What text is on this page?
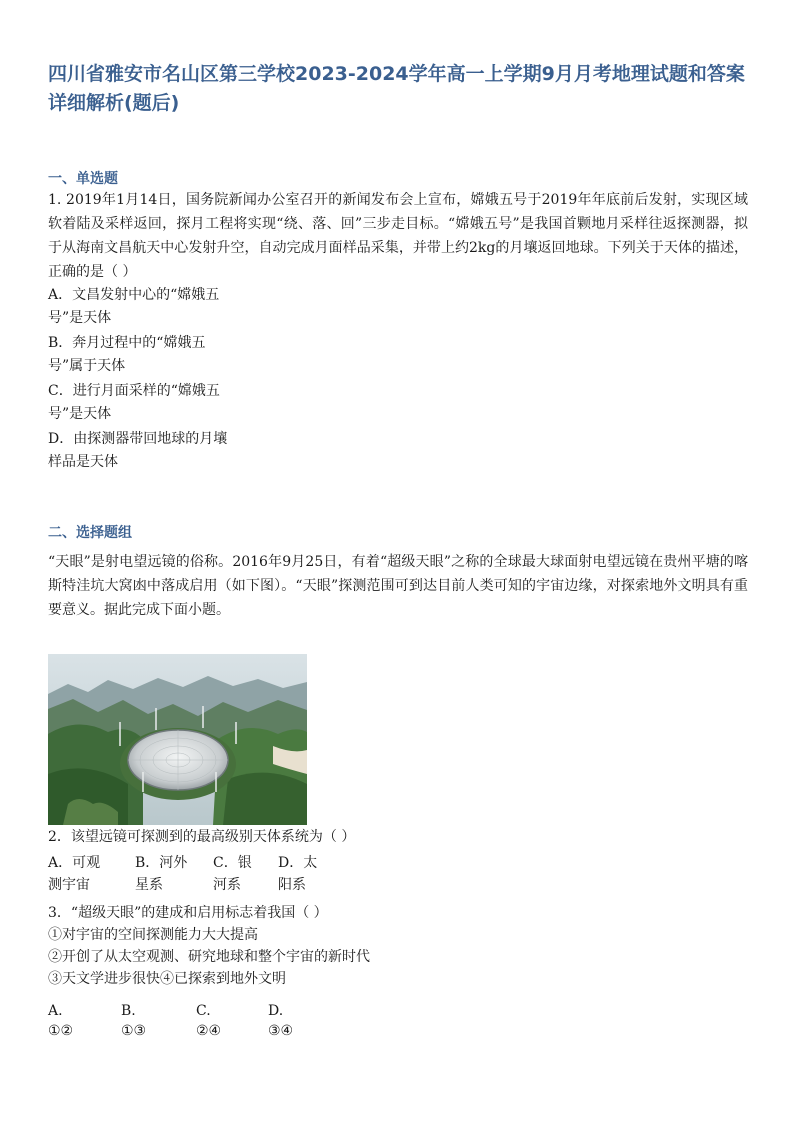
四川省雅安市名山区第三学校2023-2024学年高一上学期9月月考地理试题和答案详细解析(题后)
一、单选题

1. 2019年1月14日，国务院新闻办公室召开的新闻发布会上宣布，嫦娥五号于2019年年底前后发射，实现区域软着陆及采样返回，探月工程将实现“绕、落、回”三步走目标。“嫦娥五号”是我国首颗地月采样往返探测器，拟于从海南文昌航天中心发射升空，自动完成月面样品采集，并带上约2kg的月壤返回地球。下列关于天体的描述，正确的是（ ）

A．文昌发射中心的“嫦娥五号”是天体
B．奔月过程中的“嫦娥五号”属于天体
C．进行月面采样的“嫦娥五号”是天体
D．由探测器带回地球的月壤样品是天体
二、选择题组

“天眼”是射电望远镜的俗称。2016年9月25日，有着“超级天眼”之称的全球最大球面射电望远镜在贵州平塘的喀斯特洼坑大窝凼中落成启用（如下图）。“天眼”探测范围可到达目前人类可知的宇宙边缘，对探索地外文明具有重要意义。据此完成下面小题。

2．该望远镜可探测到的最高级别天体系统为（ ）
A．可观测宇宙
B．河外星系
C．银河系
D．太阳系
3．“超级天眼”的建成和启用标志着我国（ ）
①对宇宙的空间探测能力大大提高
②开创了从太空观测、研究地球和整个宇宙的新时代
③天文学进步很快④已探索到地外文明
A.
①②
B.
①③
C.
②④
D.
③④
